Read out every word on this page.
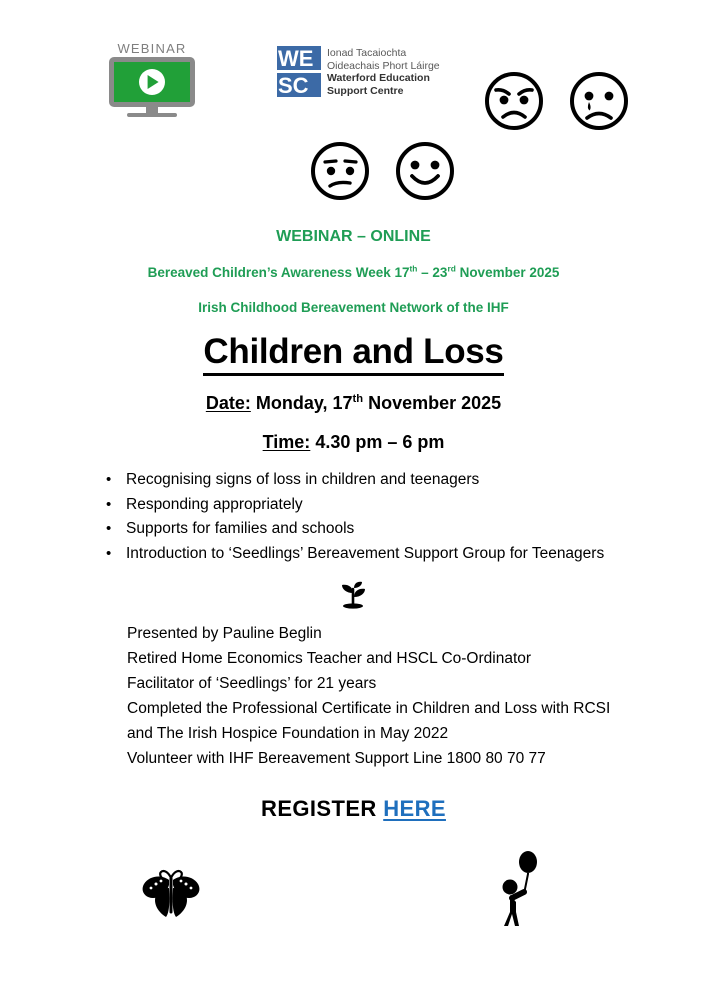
WEBINAR	WE
SC
Ionad Tacaiochta
Oideachais Phort Láirge
Waterford Education
Support Centre
WEBINAR – ONLINE
Bereaved Children’s Awareness Week 17th – 23rd November 2025
Irish Childhood Bereavement Network of the IHF
Children and Loss
Date: Monday, 17th November 2025
Time: 4.30 pm – 6 pm
• Recognising signs of loss in children and teenagers
• Responding appropriately
• Supports for families and schools
• Introduction to ‘Seedlings’ Bereavement Support Group for Teenagers
Presented by Pauline Beglin
Retired Home Economics Teacher and HSCL Co-Ordinator
Facilitator of ‘Seedlings’ for 21 years
Completed the Professional Certificate in Children and Loss with RCSI
and The Irish Hospice Foundation in May 2022
Volunteer with IHF Bereavement Support Line 1800 80 70 77
REGISTER HERE
